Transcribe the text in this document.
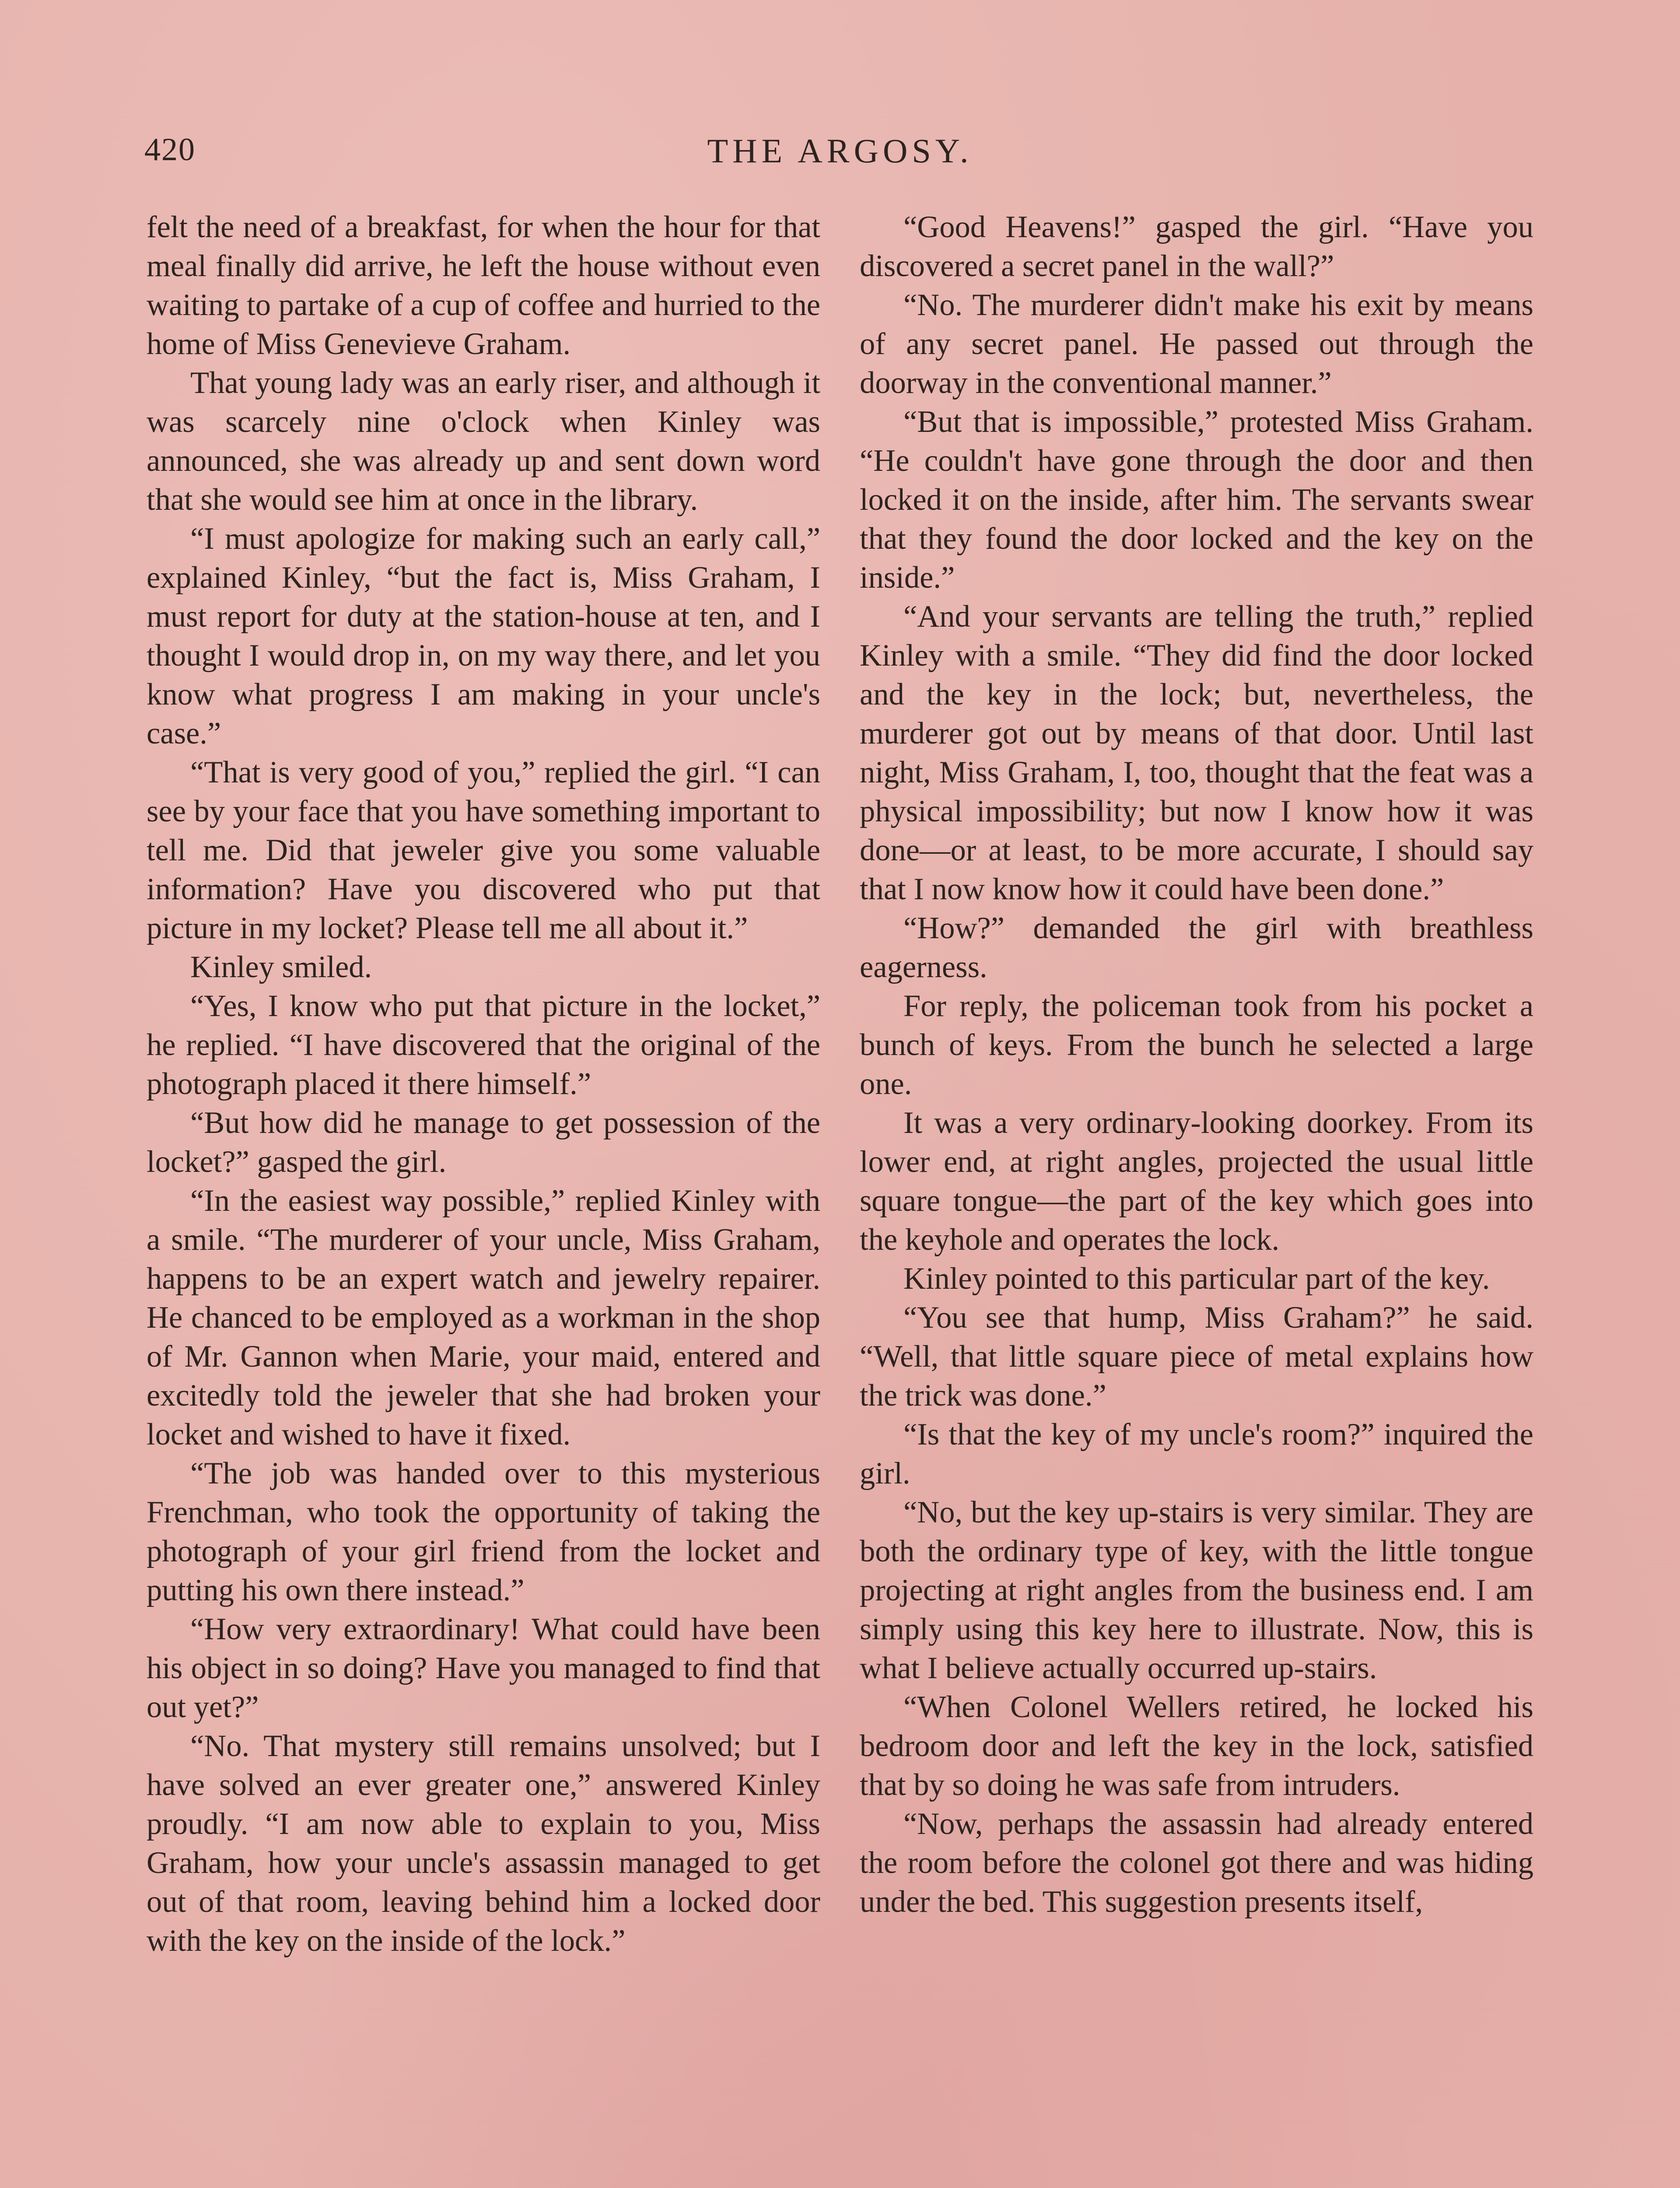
420	THE ARGOSY.

felt the need of a breakfast, for when the hour for that meal finally did arrive, he left the house without even waiting to partake of a cup of coffee and hurried to the home of Miss Genevieve Graham.

That young lady was an early riser, and although it was scarcely nine o'clock when Kinley was announced, she was already up and sent down word that she would see him at once in the library.

“I must apologize for making such an early call,” explained Kinley, “but the fact is, Miss Graham, I must report for duty at the station-house at ten, and I thought I would drop in, on my way there, and let you know what progress I am making in your uncle's case.”

“That is very good of you,” replied the girl. “I can see by your face that you have something important to tell me. Did that jeweler give you some valuable information? Have you discovered who put that picture in my locket? Please tell me all about it.”

Kinley smiled.

“Yes, I know who put that picture in the locket,” he replied. “I have discovered that the original of the photograph placed it there himself.”

“But how did he manage to get possession of the locket?” gasped the girl.

“In the easiest way possible,” replied Kinley with a smile. “The murderer of your uncle, Miss Graham, happens to be an expert watch and jewelry repairer. He chanced to be employed as a workman in the shop of Mr. Gannon when Marie, your maid, entered and excitedly told the jeweler that she had broken your locket and wished to have it fixed.

“The job was handed over to this mysterious Frenchman, who took the opportunity of taking the photograph of your girl friend from the locket and putting his own there instead.”

“How very extraordinary! What could have been his object in so doing? Have you managed to find that out yet?”

“No. That mystery still remains unsolved; but I have solved an ever greater one,” answered Kinley proudly. “I am now able to explain to you, Miss Graham, how your uncle's assassin managed to get out of that room, leaving behind him a locked door with the key on the inside of the lock.”

“Good Heavens!” gasped the girl. “Have you discovered a secret panel in the wall?”

“No. The murderer didn't make his exit by means of any secret panel. He passed out through the doorway in the conventional manner.”

“But that is impossible,” protested Miss Graham. “He couldn't have gone through the door and then locked it on the inside, after him. The servants swear that they found the door locked and the key on the inside.”

“And your servants are telling the truth,” replied Kinley with a smile. “They did find the door locked and the key in the lock; but, nevertheless, the murderer got out by means of that door. Until last night, Miss Graham, I, too, thought that the feat was a physical impossibility; but now I know how it was done—or at least, to be more accurate, I should say that I now know how it could have been done.”

“How?” demanded the girl with breathless eagerness.

For reply, the policeman took from his pocket a bunch of keys. From the bunch he selected a large one.

It was a very ordinary-looking doorkey. From its lower end, at right angles, projected the usual little square tongue—the part of the key which goes into the keyhole and operates the lock.

Kinley pointed to this particular part of the key.

“You see that hump, Miss Graham?” he said. “Well, that little square piece of metal explains how the trick was done.”

“Is that the key of my uncle's room?” inquired the girl.

“No, but the key up-stairs is very similar. They are both the ordinary type of key, with the little tongue projecting at right angles from the business end. I am simply using this key here to illustrate. Now, this is what I believe actually occurred up-stairs.

“When Colonel Wellers retired, he locked his bedroom door and left the key in the lock, satisfied that by so doing he was safe from intruders.

“Now, perhaps the assassin had already entered the room before the colonel got there and was hiding under the bed. This suggestion presents itself,
